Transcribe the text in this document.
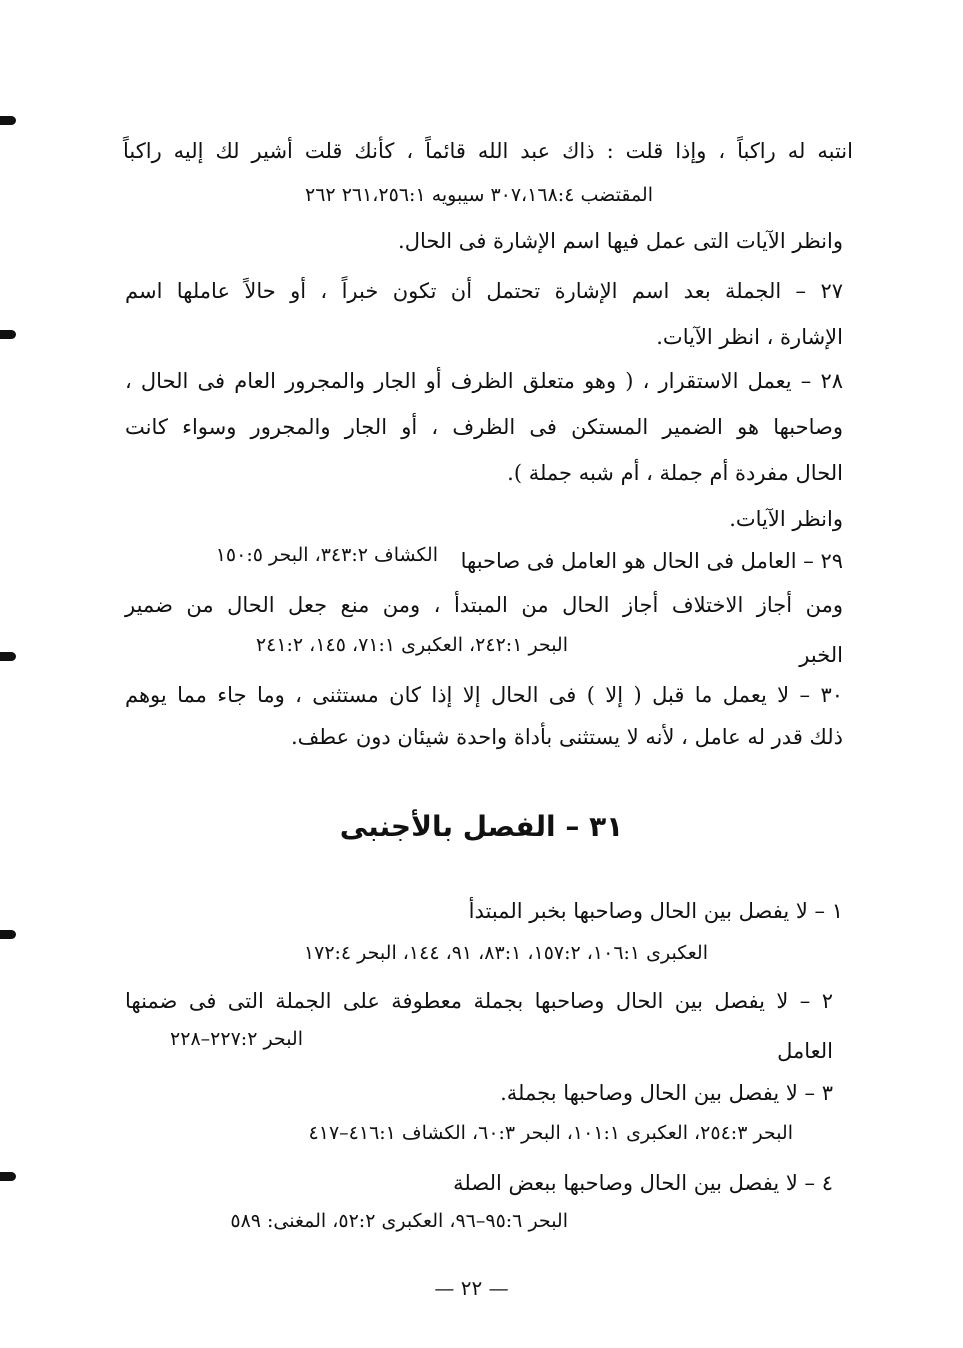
انتبه له راكباً ، وإذا قلت : ذاك عبد الله قائماً ، كأنك قلت أشير لك إليه راكباً
المقتضب ٣٠٧،١٦٨:٤ سيبويه ٢٦١،٢٥٦:١ ٢٦٢
وانظر الآيات التى عمل فيها اسم الإشارة فى الحال.
٢٧ – الجملة بعد اسم الإشارة تحتمل أن تكون خبراً ، أو حالاً عاملها اسم
الإشارة ، انظر الآيات.
٢٨ – يعمل الاستقرار ، ( وهو متعلق الظرف أو الجار والمجرور العام فى الحال ،
وصاحبها هو الضمير المستكن فى الظرف ، أو الجار والمجرور وسواء كانت
الحال مفردة أم جملة ، أم شبه جملة ).
وانظر الآيات.
٢٩ – العامل فى الحال هو العامل فى صاحبها
الكشاف ٣٤٣:٢، البحر ١٥٠:٥
ومن أجاز الاختلاف أجاز الحال من المبتدأ ، ومن منع جعل الحال من ضمير
الخبر
البحر ٢٤٢:١، العكبرى ٧١:١، ١٤٥، ٢٤١:٢
٣٠ – لا يعمل ما قبل ( إلا ) فى الحال إلا إذا كان مستثنى ، وما جاء مما يوهم
ذلك قدر له عامل ، لأنه لا يستثنى بأداة واحدة شيئان دون عطف.
٣١ – الفصل بالأجنبى
١ – لا يفصل بين الحال وصاحبها بخبر المبتدأ
العكبرى ١٠٦:١، ١٥٧:٢، ٨٣:١، ٩١، ١٤٤، البحر ١٧٢:٤
٢ – لا يفصل بين الحال وصاحبها بجملة معطوفة على الجملة التى فى ضمنها
العامل
البحر ٢٢٧:٢–٢٢٨
٣ – لا يفصل بين الحال وصاحبها بجملة.
البحر ٢٥٤:٣، العكبرى ١٠١:١، البحر ٦٠:٣، الكشاف ٤١٦:١–٤١٧
٤ – لا يفصل بين الحال وصاحبها ببعض الصلة
البحر ٩٥:٦–٩٦، العكبرى ٥٢:٢، المغنى: ٥٨٩
— ٢٢ —
